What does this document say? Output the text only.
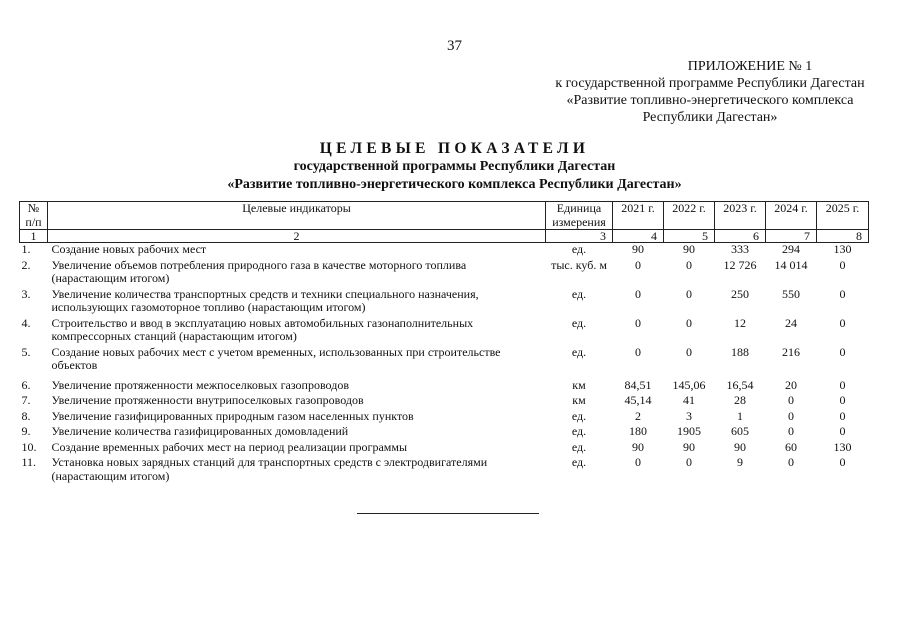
37
ПРИЛОЖЕНИЕ № 1
к государственной программе Республики Дагестан
«Развитие топливно-энергетического комплекса
Республики Дагестан»
ЦЕЛЕВЫЕ ПОКАЗАТЕЛИ
государственной программы Республики Дагестан
«Развитие топливно-энергетического комплекса Республики Дагестан»
№ п/п	Целевые индикаторы	Единица измерения	2021 г.	2022 г.	2023 г.	2024 г.	2025 г.
1	2	3	4	5	6	7	8
1.	Создание новых рабочих мест	ед.	90	90	333	294	130
2.	Увеличение объемов потребления природного газа в качестве моторного топлива (нарастающим итогом)	тыс. куб. м	0	0	12 726	14 014	0
3.	Увеличение количества транспортных средств и техники специального назначения, использующих газомоторное топливо (нарастающим итогом)	ед.	0	0	250	550	0
4.	Строительство и ввод в эксплуатацию новых автомобильных газонаполнительных компрессорных станций (нарастающим итогом)	ед.	0	0	12	24	0
5.	Создание новых рабочих мест с учетом временных, использованных при строительстве объектов	ед.	0	0	188	216	0
6.	Увеличение протяженности межпоселковых газопроводов	км	84,51	145,06	16,54	20	0
7.	Увеличение протяженности внутрипоселковых газопроводов	км	45,14	41	28	0	0
8.	Увеличение газифицированных природным газом населенных пунктов	ед.	2	3	1	0	0
9.	Увеличение количества газифицированных домовладений	ед.	180	1905	605	0	0
10.	Создание временных рабочих мест на период реализации программы	ед.	90	90	90	60	130
11.	Установка новых зарядных станций для транспортных средств с электродвигателями (нарастающим итогом)	ед.	0	0	9	0	0
